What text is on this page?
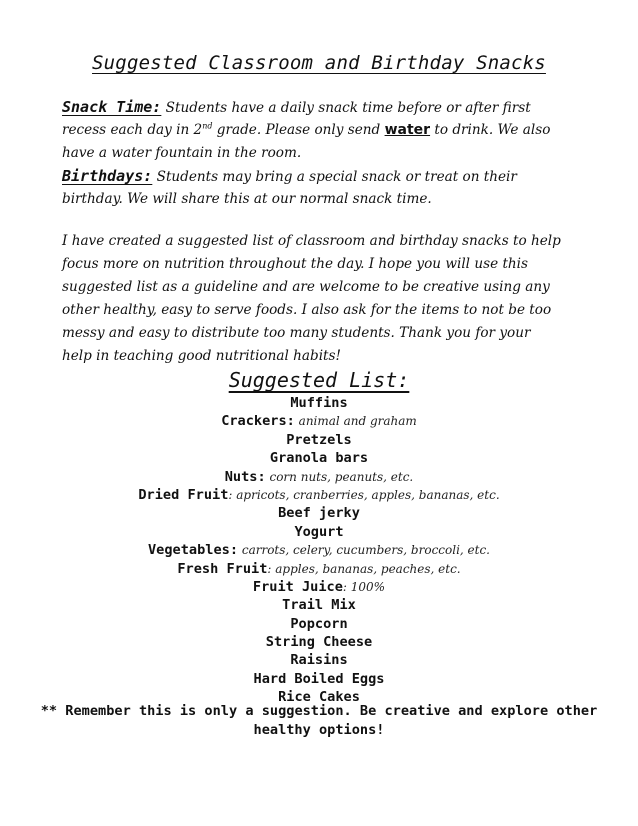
Suggested Classroom and Birthday Snacks
Snack Time: Students have a daily snack time before or after first
recess each day in 2nd grade. Please only send water to drink. We also
have a water fountain in the room.
Birthdays: Students may bring a special snack or treat on their
birthday. We will share this at our normal snack time.
I have created a suggested list of classroom and birthday snacks to help
focus more on nutrition throughout the day. I hope you will use this
suggested list as a guideline and are welcome to be creative using any
other healthy, easy to serve foods. I also ask for the items to not be too
messy and easy to distribute too many students. Thank you for your
help in teaching good nutritional habits!
Suggested List:
Muffins
Crackers: animal and graham
Pretzels
Granola bars
Nuts: corn nuts, peanuts, etc.
Dried Fruit: apricots, cranberries, apples, bananas, etc.
Beef jerky
Yogurt
Vegetables: carrots, celery, cucumbers, broccoli, etc.
Fresh Fruit: apples, bananas, peaches, etc.
Fruit Juice: 100%
Trail Mix
Popcorn
String Cheese
Raisins
Hard Boiled Eggs
Rice Cakes
** Remember this is only a suggestion. Be creative and explore other
healthy options!
